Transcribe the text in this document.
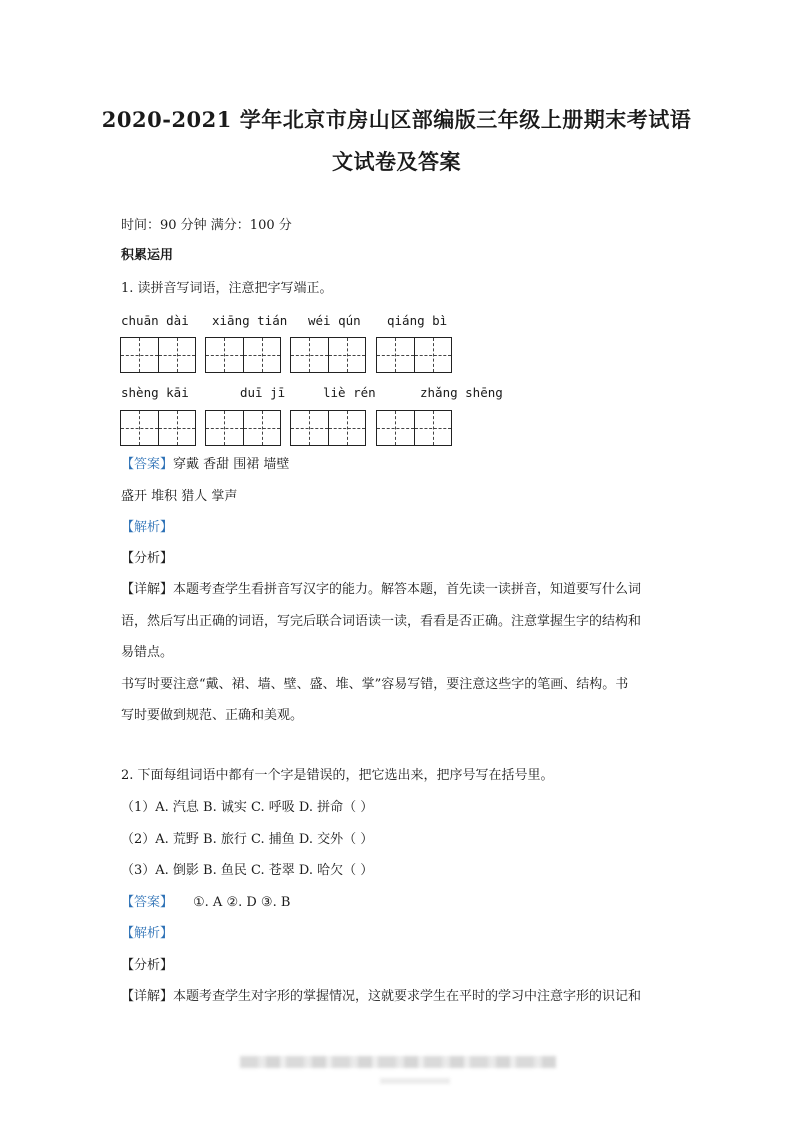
2020-2021 学年北京市房山区部编版三年级上册期末考试语
文试卷及答案
时间：90 分钟 满分：100 分
积累运用
1. 读拼音写词语，注意把字写端正。
chuān dài xiāng tián wéi qún qiáng bì
shèng kāi	duī jī	liè rén	zhǎng shēng
【答案】穿戴 香甜 围裙 墙壁
盛开 堆积 猎人 掌声
【解析】
【分析】
【详解】本题考查学生看拼音写汉字的能力。解答本题，首先读一读拼音，知道要写什么词
语，然后写出正确的词语，写完后联合词语读一读，看看是否正确。注意掌握生字的结构和
易错点。
书写时要注意“戴、裙、墙、壁、盛、堆、掌”容易写错，要注意这些字的笔画、结构。书
写时要做到规范、正确和美观。
2. 下面每组词语中都有一个字是错误的，把它选出来，把序号写在括号里。
（1）A. 汽息 B. 诚实 C. 呼吸 D. 拼命（ ）
（2）A. 荒野 B. 旅行 C. 捕鱼 D. 交外（ ）
（3）A. 倒影 B. 鱼民 C. 苍翠 D. 哈欠（ ）
【答案】 ①. A ②. D ③. B
【解析】
【分析】
【详解】本题考查学生对字形的掌握情况，这就要求学生在平时的学习中注意字形的识记和
